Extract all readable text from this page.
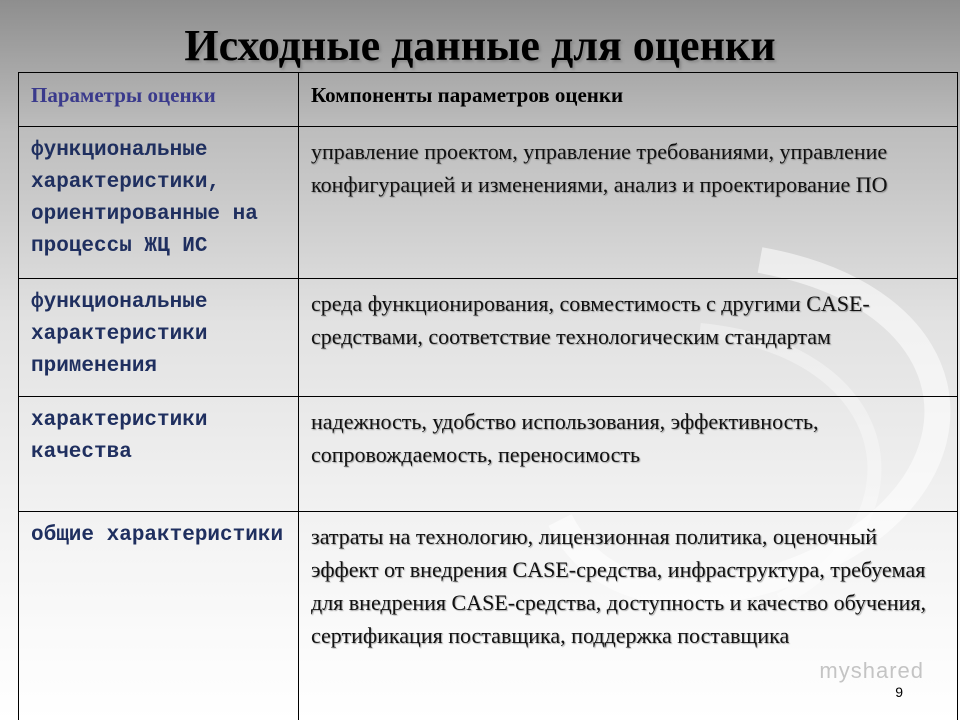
Исходные данные для оценки
Параметры оценки	Компоненты параметров оценки
функциональные характеристики, ориентированные на процессы ЖЦ ИС	управление проектом, управление требованиями, управление конфигурацией и изменениями, анализ и проектирование ПО
функциональные характеристики применения	среда функционирования, совместимость с другими CASE-средствами, соответствие технологическим стандартам
характеристики качества	надежность, удобство использования, эффективность, сопровождаемость, переносимость
общие характеристики	затраты на технологию, лицензионная политика, оценочный эффект от внедрения CASE-средства, инфраструктура, требуемая для внедрения CASE-средства, доступность и качество обучения, сертификация поставщика, поддержка поставщика
myshared
9
